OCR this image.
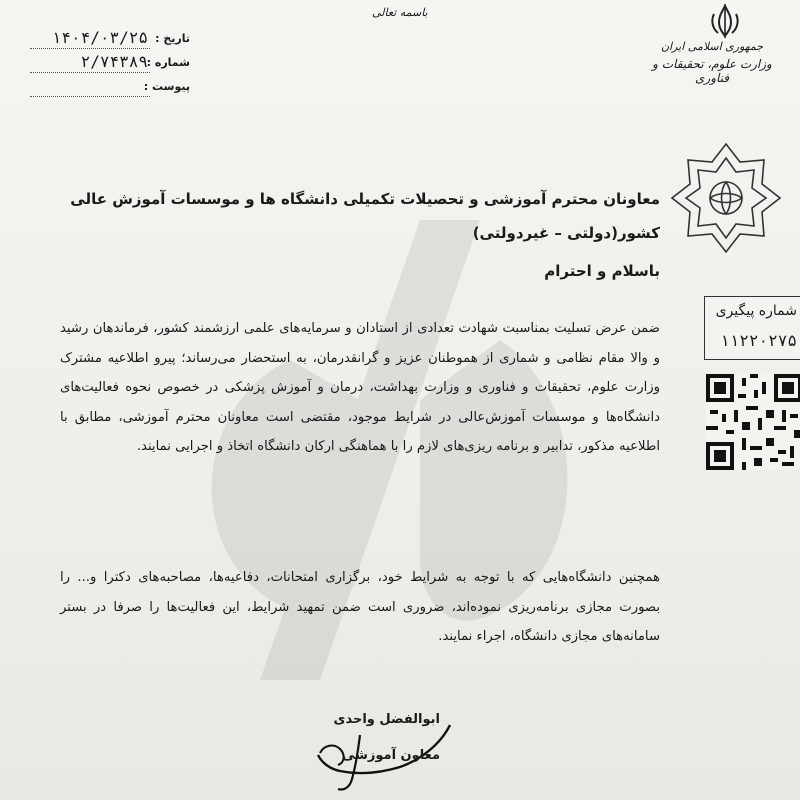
باسمه تعالی
تاریخ :
۱۴۰۴/۰۳/۲۵
شماره :
۲/۷۴۳۸۹
پیوست :
جمهوری اسلامی ایران
وزارت علوم، تحقیقات و فناوری
شماره پیگیری
۱۱۲۲۰۲۷۵
معاونان محترم آموزشی و تحصیلات تکمیلی دانشگاه ها و موسسات آموزش عالی کشور(دولتی – غیردولتی)
باسلام و احترام
ضمن عرض تسلیت بمناسبت شهادت تعدادی از استادان و سرمایه‌های علمی ارزشمند کشور، فرماندهان رشید و والا مقام نظامی و شماری از هموطنان عزیز و گرانقدرمان، به استحضار می‌رساند؛ پیرو اطلاعیه مشترک وزارت علوم، تحقیقات و فناوری و وزارت بهداشت، درمان و آموزش پزشکی در خصوص نحوه فعالیت‌های دانشگاه‌ها و موسسات آموزش‌عالی در شرایط موجود، مقتضی است معاونان محترم آموزشی، مطابق با اطلاعیه مذکور، تدابیر و برنامه ریزی‌های لازم را با هماهنگی ارکان دانشگاه اتخاذ و اجرایی نمایند.
همچنین دانشگاه‌هایی که با توجه به شرایط خود، برگزاری امتحانات، دفاعیه‌ها، مصاحبه‌های دکترا و... را بصورت مجازی برنامه‌ریزی نموده‌اند، ضروری است ضمن تمهید شرایط، این فعالیت‌ها را صرفا در بستر سامانه‌های مجازی دانشگاه، اجراء نمایند.
ابوالفضل واحدی
معاون آموزشی
